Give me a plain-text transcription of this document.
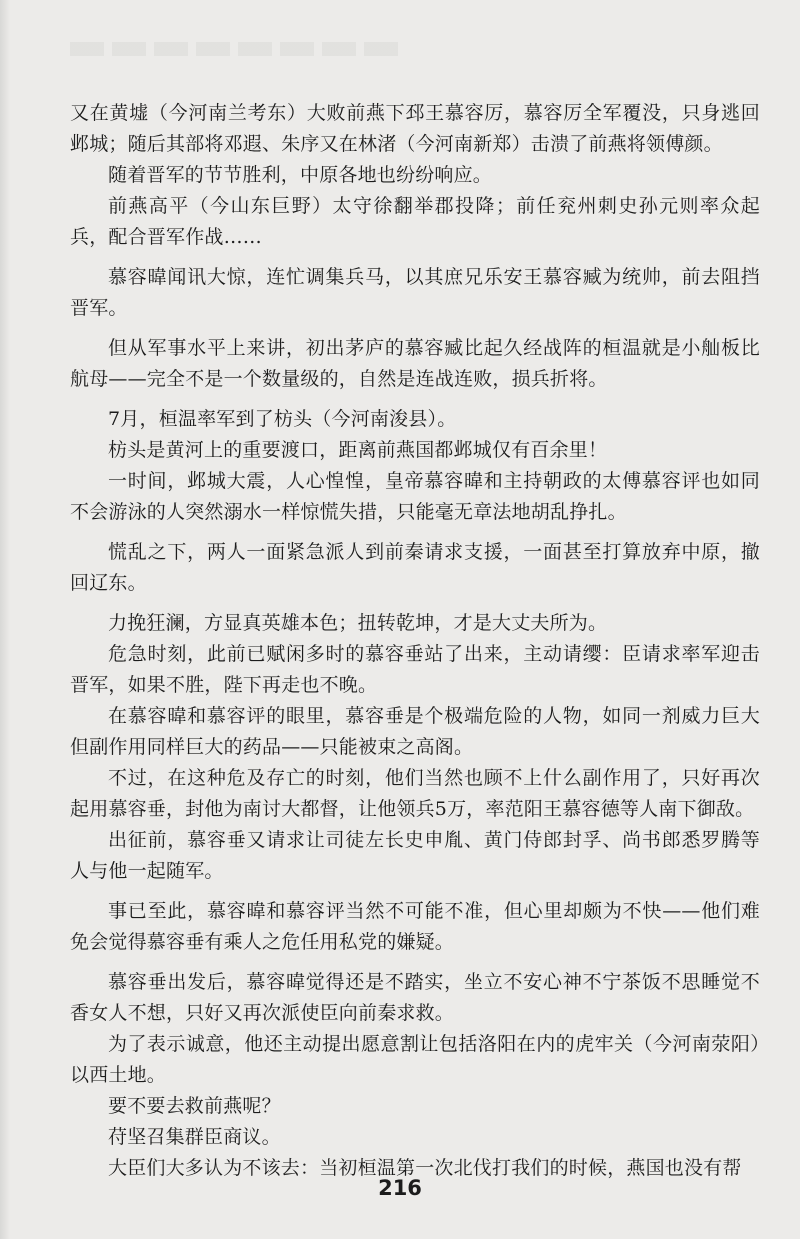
又在黄墟（今河南兰考东）大败前燕下邳王慕容厉，慕容厉全军覆没，只身逃回邺城；随后其部将邓遐、朱序又在林渚（今河南新郑）击溃了前燕将领傅颜。

随着晋军的节节胜利，中原各地也纷纷响应。

前燕高平（今山东巨野）太守徐翻举郡投降；前任兖州刺史孙元则率众起兵，配合晋军作战……

慕容暐闻讯大惊，连忙调集兵马，以其庶兄乐安王慕容臧为统帅，前去阻挡晋军。

但从军事水平上来讲，初出茅庐的慕容臧比起久经战阵的桓温就是小舢板比航母——完全不是一个数量级的，自然是连战连败，损兵折将。

7月，桓温率军到了枋头（今河南浚县）。

枋头是黄河上的重要渡口，距离前燕国都邺城仅有百余里！

一时间，邺城大震，人心惶惶，皇帝慕容暐和主持朝政的太傅慕容评也如同不会游泳的人突然溺水一样惊慌失措，只能毫无章法地胡乱挣扎。

慌乱之下，两人一面紧急派人到前秦请求支援，一面甚至打算放弃中原，撤回辽东。

力挽狂澜，方显真英雄本色；扭转乾坤，才是大丈夫所为。

危急时刻，此前已赋闲多时的慕容垂站了出来，主动请缨：臣请求率军迎击晋军，如果不胜，陛下再走也不晚。

在慕容暐和慕容评的眼里，慕容垂是个极端危险的人物，如同一剂威力巨大但副作用同样巨大的药品——只能被束之高阁。

不过，在这种危及存亡的时刻，他们当然也顾不上什么副作用了，只好再次起用慕容垂，封他为南讨大都督，让他领兵5万，率范阳王慕容德等人南下御敌。

出征前，慕容垂又请求让司徒左长史申胤、黄门侍郎封孚、尚书郎悉罗腾等人与他一起随军。

事已至此，慕容暐和慕容评当然不可能不准，但心里却颇为不快——他们难免会觉得慕容垂有乘人之危任用私党的嫌疑。

慕容垂出发后，慕容暐觉得还是不踏实，坐立不安心神不宁茶饭不思睡觉不香女人不想，只好又再次派使臣向前秦求救。

为了表示诚意，他还主动提出愿意割让包括洛阳在内的虎牢关（今河南荥阳）以西土地。

要不要去救前燕呢？

苻坚召集群臣商议。

大臣们大多认为不该去：当初桓温第一次北伐打我们的时候，燕国也没有帮

216
